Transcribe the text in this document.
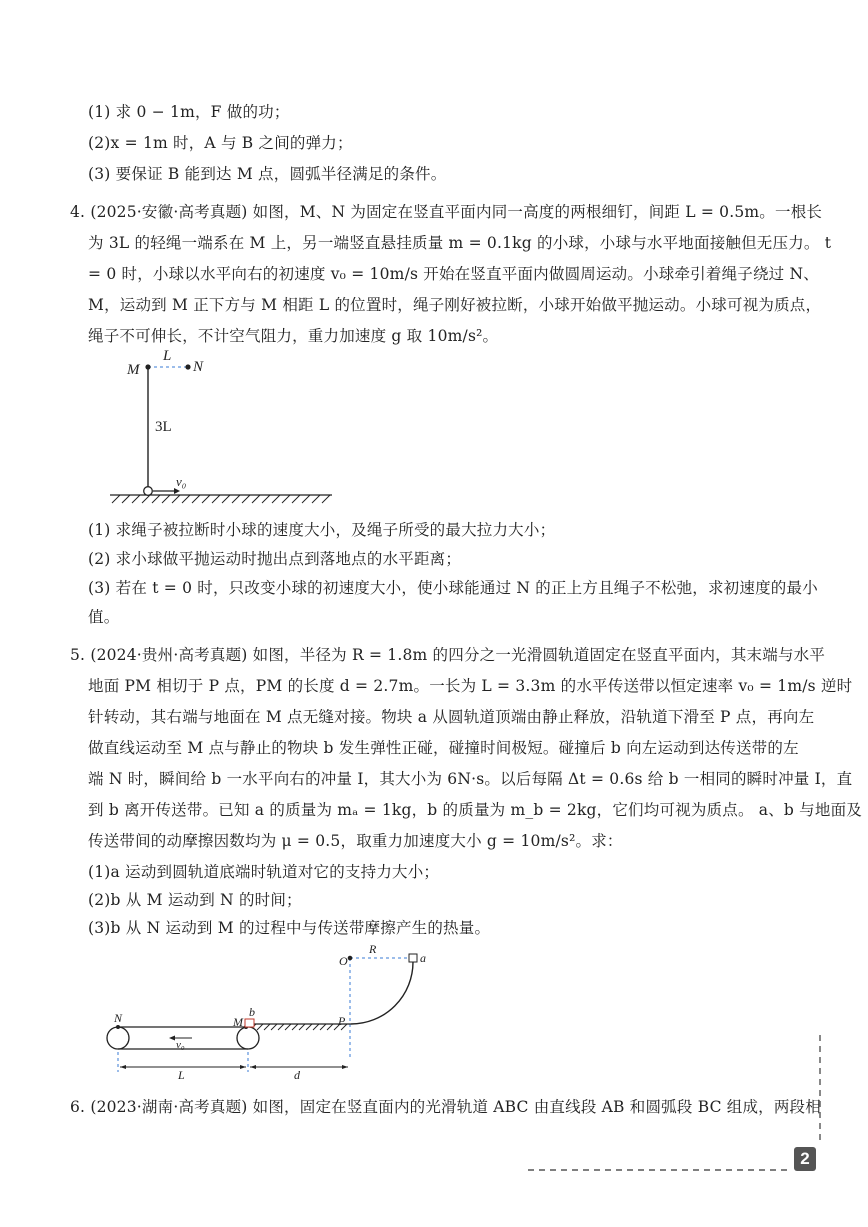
(1) 求 0 − 1m，F 做的功；
(2)x = 1m 时，A 与 B 之间的弹力；
(3) 要保证 B 能到达 M 点，圆弧半径满足的条件。
4. (2025·安徽·高考真题) 如图，M、N 为固定在竖直平面内同一高度的两根细钉，间距 L = 0.5m。一根长
为 3L 的轻绳一端系在 M 上，另一端竖直悬挂质量 m = 0.1kg 的小球，小球与水平地面接触但无压力。 t
= 0 时，小球以水平向右的初速度 v₀ = 10m/s 开始在竖直平面内做圆周运动。小球牵引着绳子绕过 N、
M，运动到 M 正下方与 M 相距 L 的位置时，绳子刚好被拉断，小球开始做平抛运动。小球可视为质点，
绳子不可伸长，不计空气阻力，重力加速度 g 取 10m/s²。
M	N
L
3L
v₀
(1) 求绳子被拉断时小球的速度大小，及绳子所受的最大拉力大小；
(2) 求小球做平抛运动时抛出点到落地点的水平距离；
(3) 若在 t = 0 时，只改变小球的初速度大小，使小球能通过 N 的正上方且绳子不松弛，求初速度的最小
值。
5. (2024·贵州·高考真题) 如图，半径为 R = 1.8m 的四分之一光滑圆轨道固定在竖直平面内，其末端与水平
地面 PM 相切于 P 点，PM 的长度 d = 2.7m。一长为 L = 3.3m 的水平传送带以恒定速率 v₀ = 1m/s 逆时
针转动，其右端与地面在 M 点无缝对接。物块 a 从圆轨道顶端由静止释放，沿轨道下滑至 P 点，再向左
做直线运动至 M 点与静止的物块 b 发生弹性正碰，碰撞时间极短。碰撞后 b 向左运动到达传送带的左
端 N 时，瞬间给 b 一水平向右的冲量 I，其大小为 6N·s。以后每隔 Δt = 0.6s 给 b 一相同的瞬时冲量 I，直
到 b 离开传送带。已知 a 的质量为 mₐ = 1kg，b 的质量为 m_b = 2kg，它们均可视为质点。 a、b 与地面及
传送带间的动摩擦因数均为 μ = 0.5，取重力加速度大小 g = 10m/s²。求：
(1)a 运动到圆轨道底端时轨道对它的支持力大小；
(2)b 从 M 运动到 N 的时间；
(3)b 从 N 运动到 M 的过程中与传送带摩擦产生的热量。
O
R
a
b
N	M	P
v₀
L	d
6. (2023·湖南·高考真题) 如图，固定在竖直面内的光滑轨道 ABC 由直线段 AB 和圆弧段 BC 组成，两段相
2
